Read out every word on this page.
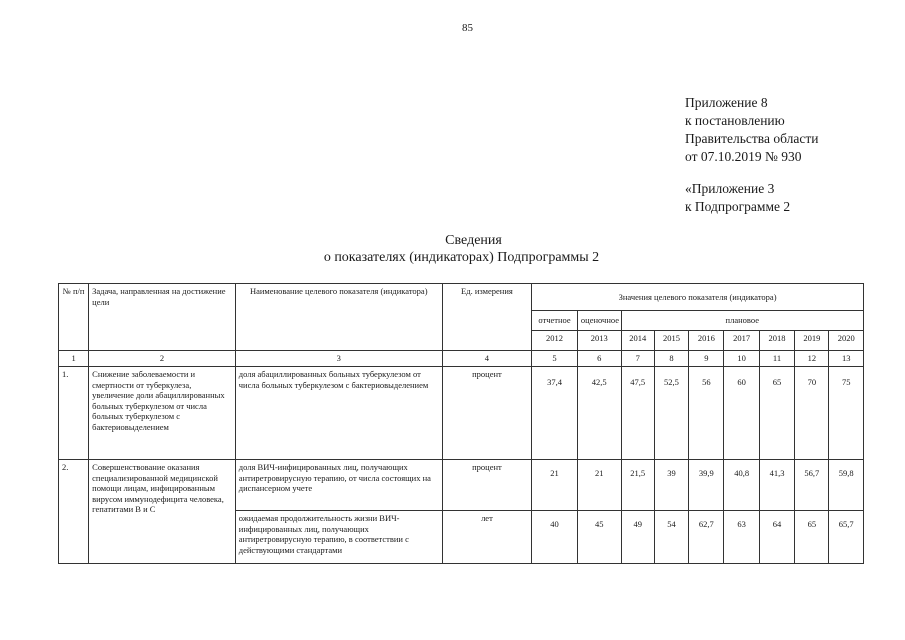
85
Приложение 8
к постановлению
Правительства области
от 07.10.2019 № 930
«Приложение 3
к Подпрограмме 2
Сведения
о показателях (индикаторах) Подпрограммы 2
№ п/п	Задача, направленная на достижение цели	Наименование целевого показателя (индикатора)	Ед. измерения	Значения целевого показателя (индикатора)								
				отчетное	оценочное	плановое						
				2012	2013	2014	2015	2016	2017	2018	2019	2020
1	2	3	4	5	6	7	8	9	10	11	12	13
1.	Снижение заболеваемости и смертности от туберкулеза, увеличение доли абациллированных больных туберкулезом от числа больных туберкулезом с бактериовыделением	доля абациллированных больных туберкулезом от числа больных туберкулезом с бактериовыделением	процент	37,4	42,5	47,5	52,5	56	60	65	70	75
2.	Совершенствование оказания специализированной медицинской помощи лицам, инфицированным вирусом иммунодефицита человека, гепатитами В и С	доля ВИЧ-инфицированных лиц, получающих антиретровирусную терапию, от числа состоящих на диспансерном учете	процент	21	21	21,5	39	39,9	40,8	41,3	56,7	59,8
		ожидаемая продолжительность жизни ВИЧ-инфицированных лиц, получающих антиретровирусную терапию, в соответствии с действующими стандартами	лет	40	45	49	54	62,7	63	64	65	65,7
